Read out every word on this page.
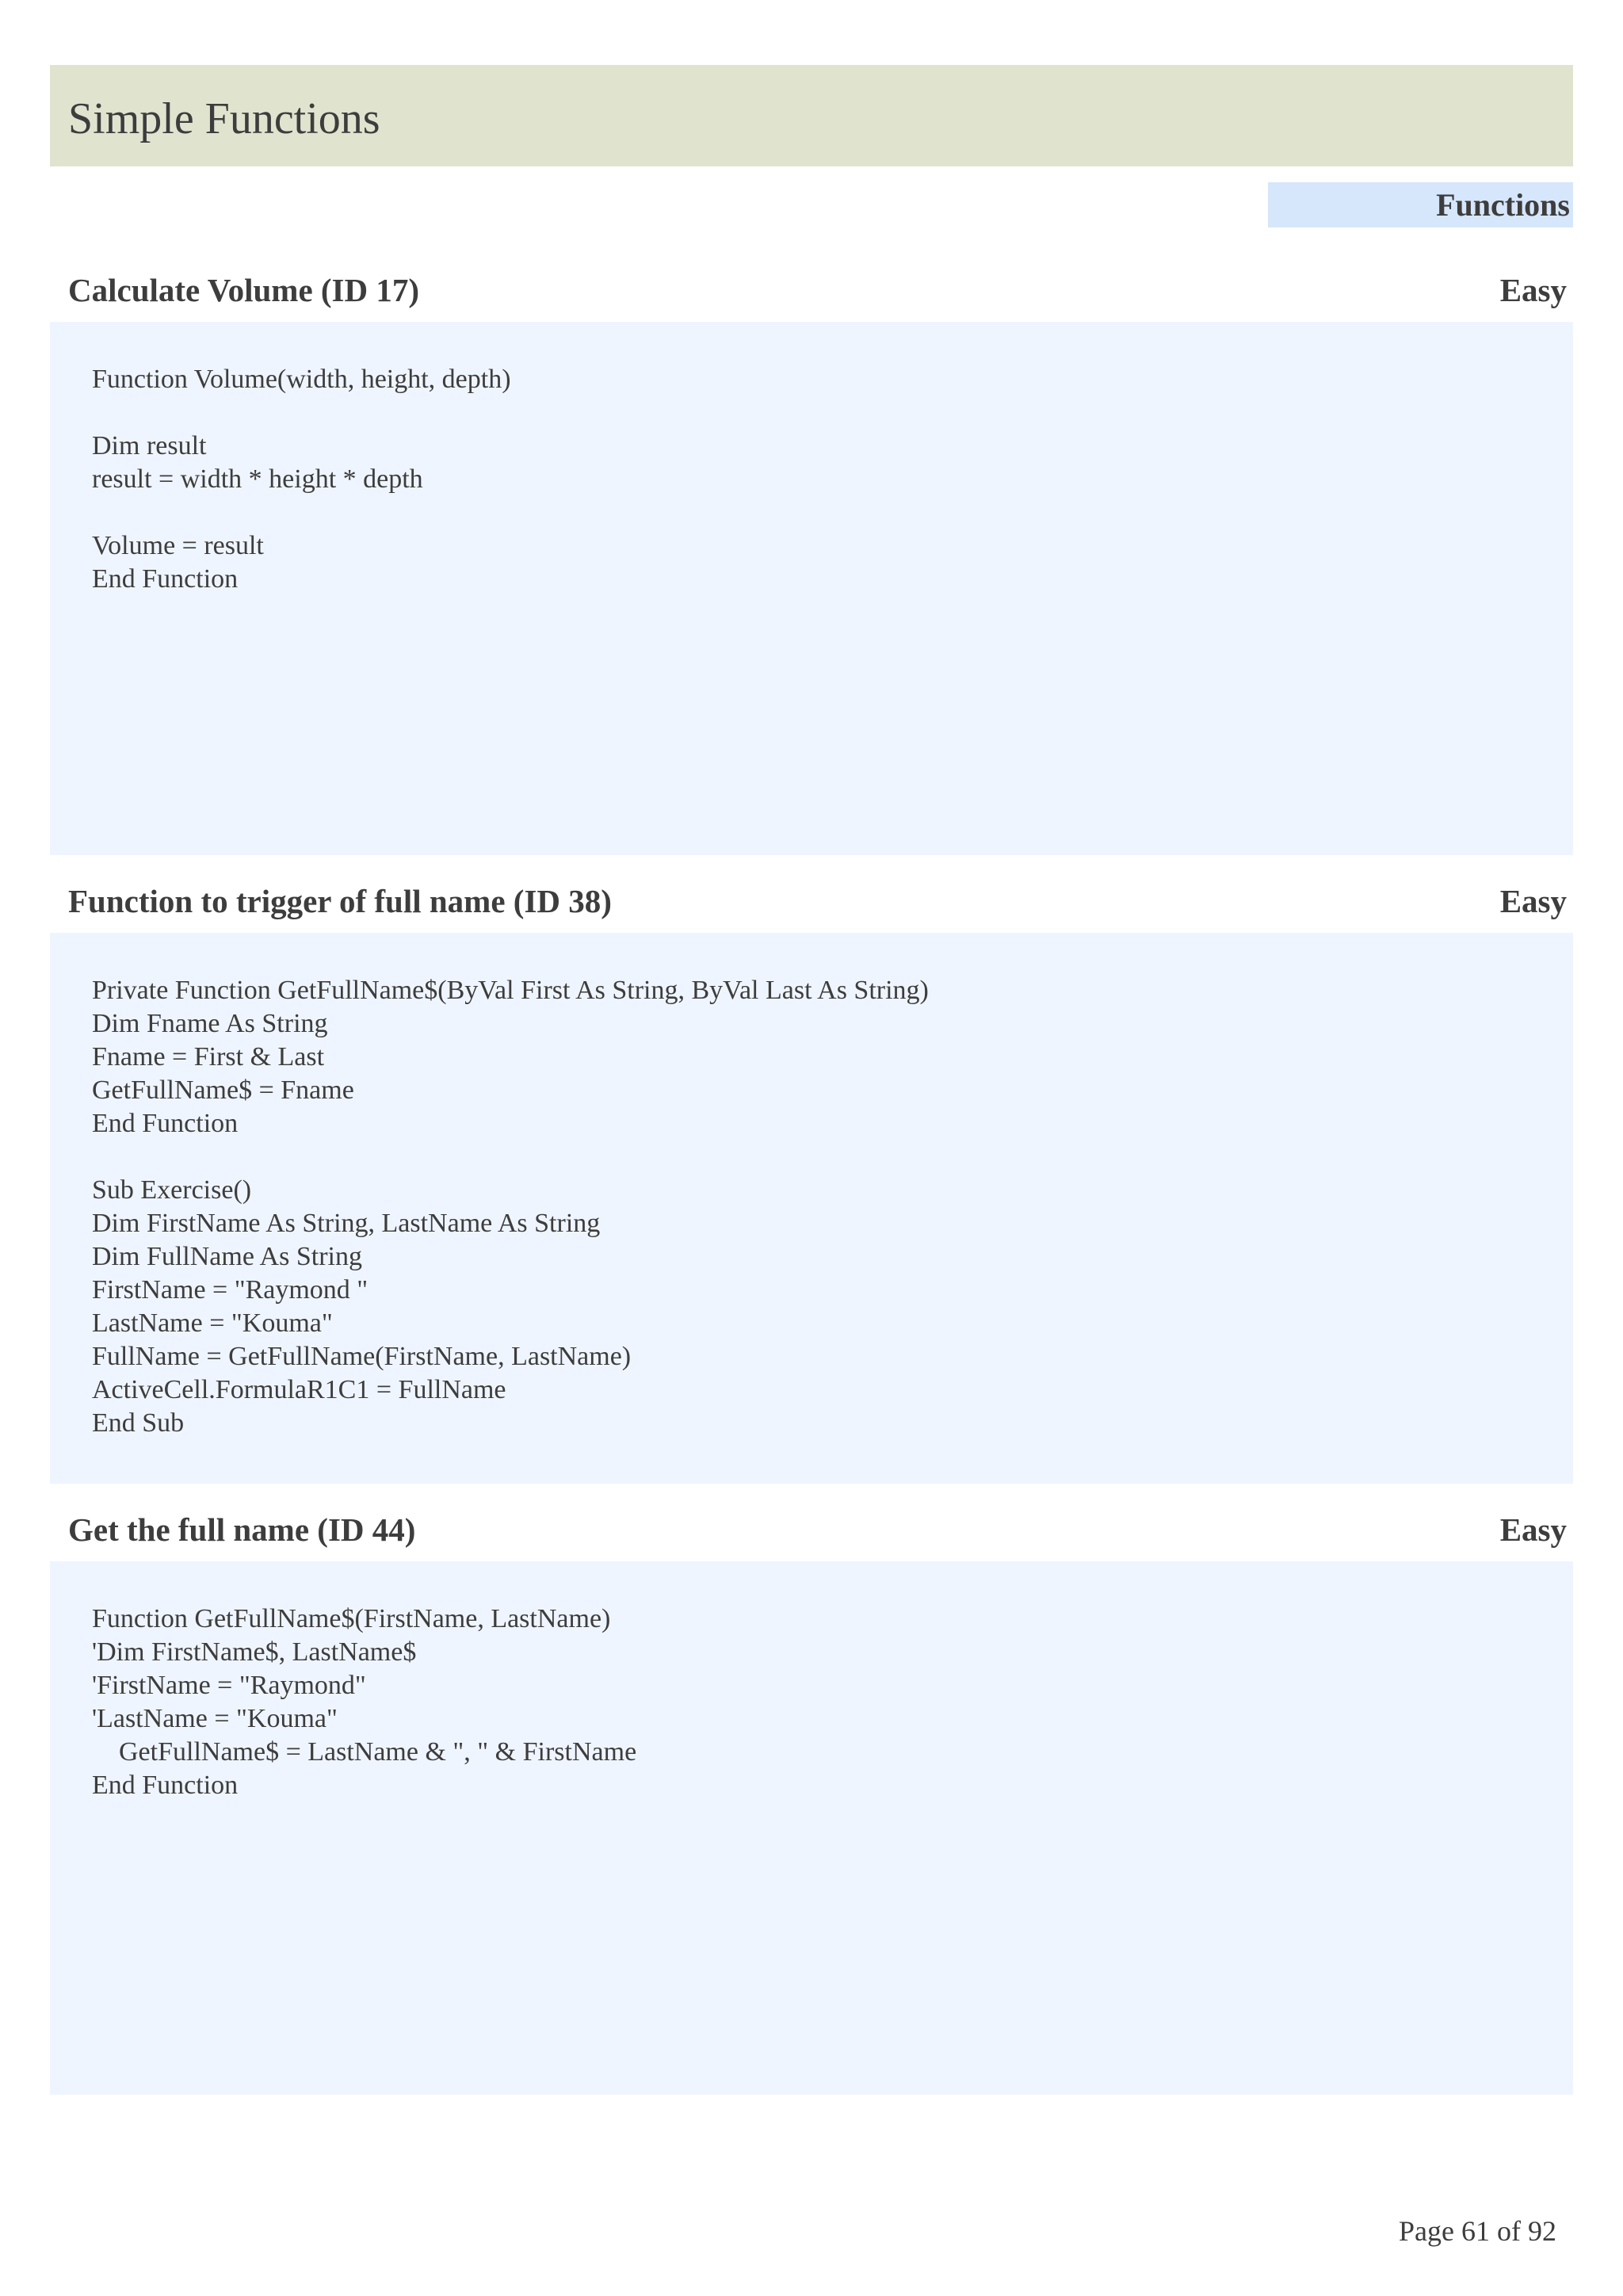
Simple Functions
Functions
Calculate Volume (ID 17)	Easy
Function Volume(width, height, depth)
Dim result
result = width * height * depth
Volume = result
End Function
Function to trigger of full name (ID 38)	Easy
Private Function GetFullName$(ByVal First As String, ByVal Last As String)
Dim Fname As String
Fname = First & Last
GetFullName$ = Fname
End Function
Sub Exercise()
Dim FirstName As String, LastName As String
Dim FullName As String
FirstName = "Raymond "
LastName = "Kouma"
FullName = GetFullName(FirstName, LastName)
ActiveCell.FormulaR1C1 = FullName
End Sub
Get the full name (ID 44)	Easy
Function GetFullName$(FirstName, LastName)
'Dim FirstName$, LastName$
'FirstName = "Raymond"
'LastName = "Kouma"
GetFullName$ = LastName & ", " & FirstName
End Function
Page 61 of 92
